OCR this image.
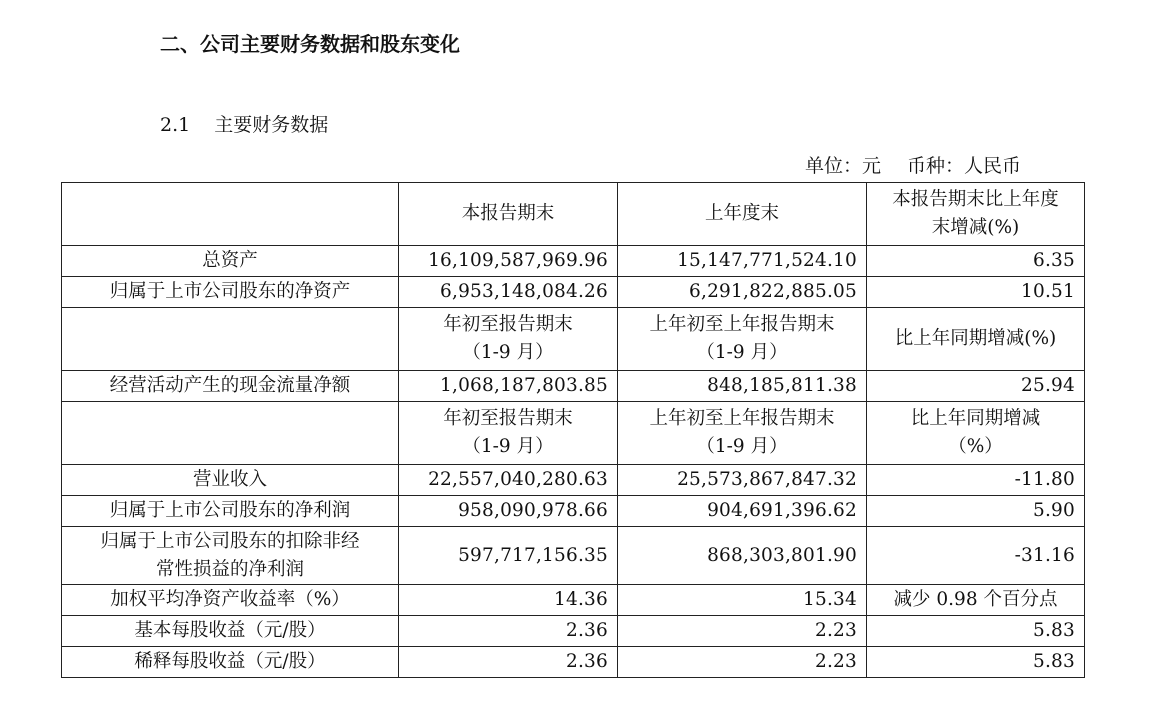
二、公司主要财务数据和股东变化
2.1 主要财务数据
单位：元 币种：人民币
	本报告期末	上年度末	本报告期末比上年度
末增减(%)

总资产	16,109,587,969.96	15,147,771,524.10	6.35
归属于上市公司股东的净资产	6,953,148,084.26	6,291,822,885.05	10.51

	年初至报告期末
（1-9 月）	上年初至上年报告期末
（1-9 月）	比上年同期增减(%)
经营活动产生的现金流量净额	1,068,187,803.85	848,185,811.38	25.94

	年初至报告期末
（1-9 月）	上年初至上年报告期末
（1-9 月）	比上年同期增减
（%）

营业收入	22,557,040,280.63	25,573,867,847.32	-11.80
归属于上市公司股东的净利润	958,090,978.66	904,691,396.62	5.90

归属于上市公司股东的扣除非经
常性损益的净利润	597,717,156.35	868,303,801.90	-31.16
加权平均净资产收益率（%）	14.36	15.34	减少 0.98 个百分点
基本每股收益（元/股）	2.36	2.23	5.83
稀释每股收益（元/股）	2.36	2.23	5.83
